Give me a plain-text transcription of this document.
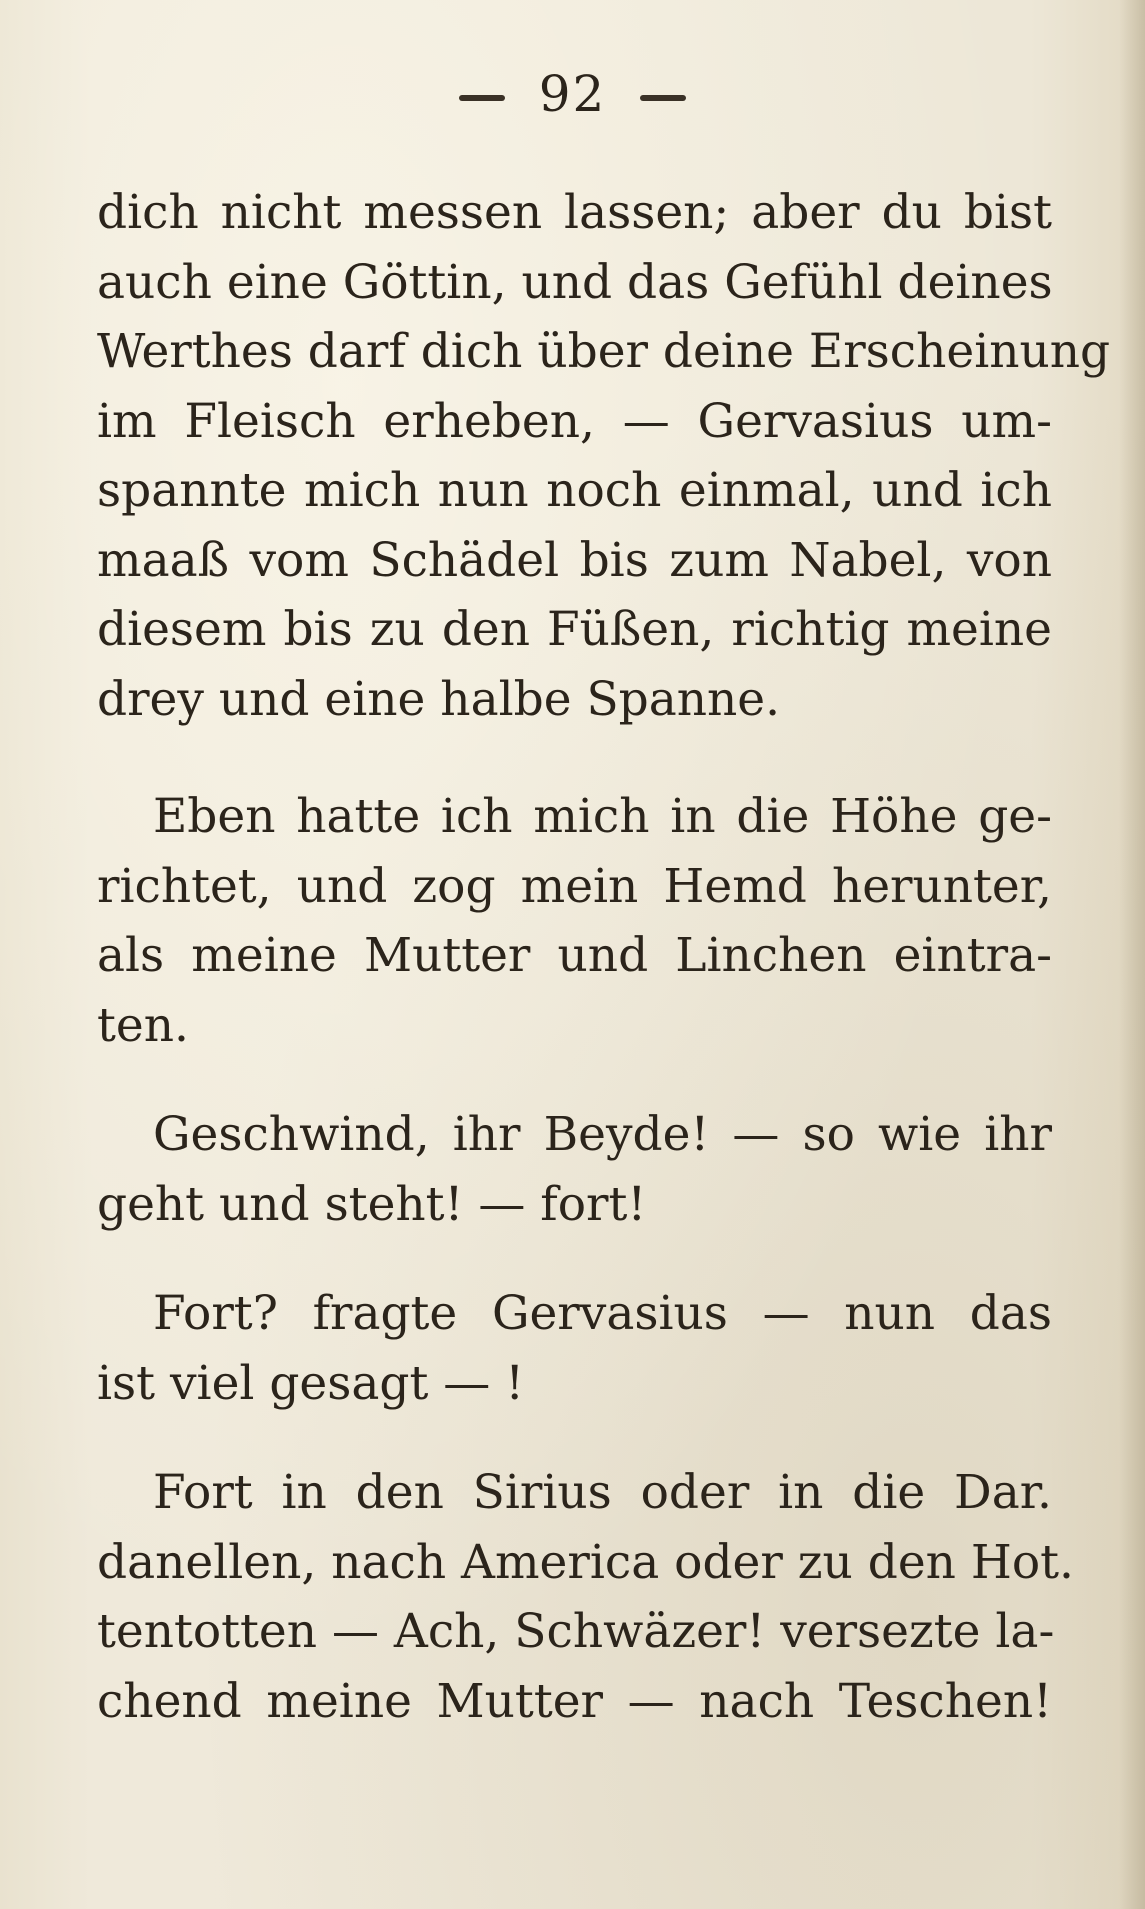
92
dich nicht messen lassen; aber du bist
auch eine Göttin, und das Gefühl deines
Werthes darf dich über deine Erscheinung
im Fleisch erheben, — Gervasius um-
spannte mich nun noch einmal, und ich
maaß vom Schädel bis zum Nabel, von
diesem bis zu den Füßen, richtig meine
drey und eine halbe Spanne.
Eben hatte ich mich in die Höhe ge-
richtet, und zog mein Hemd herunter,
als meine Mutter und Linchen eintra-
ten.
Geschwind, ihr Beyde! — so wie ihr
geht und steht! — fort!
Fort? fragte Gervasius — nun das
ist viel gesagt — !
Fort in den Sirius oder in die Dar.
danellen, nach America oder zu den Hot.
tentotten — Ach, Schwäzer! versezte la-
chend meine Mutter — nach Teschen!
